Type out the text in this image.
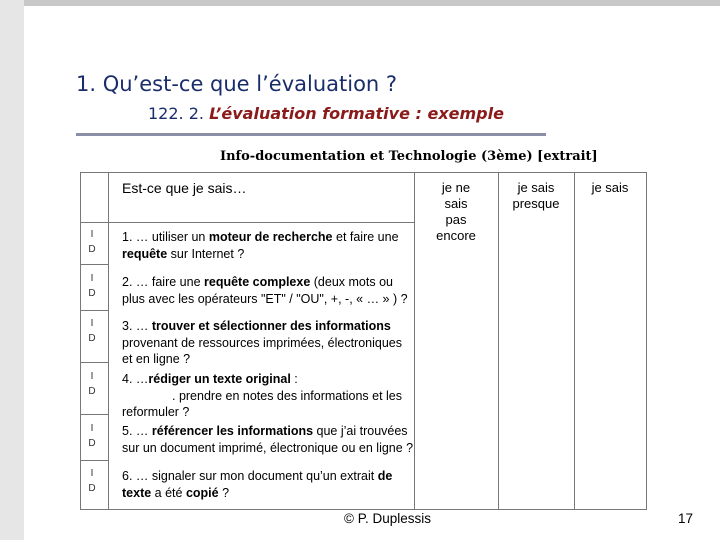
1. Qu’est-ce que l’évaluation ?
122. 2. L’évaluation formative : exemple
Info-documentation et Technologie (3ème) [extrait]
Est-ce que je sais…	je ne
sais
pas
encore
je sais
presque
je sais
I
D
I
D
I
D
I
D
I
D
I
D
1. … utiliser un moteur de recherche et faire une requête sur Internet ?
2. … faire une requête complexe (deux mots ou plus avec les opérateurs "ET" / "OU", +, -, « … » ) ?
3. … trouver et sélectionner des informations provenant de ressources imprimées, électroniques et en ligne ?
4. …rédiger un texte original :
. prendre en notes des informations et les reformuler ?
5. … référencer les informations que j’ai trouvées sur un document imprimé, électronique ou en ligne ?
6. … signaler sur mon document qu’un extrait de texte a été copié ?
© P. Duplessis	17
